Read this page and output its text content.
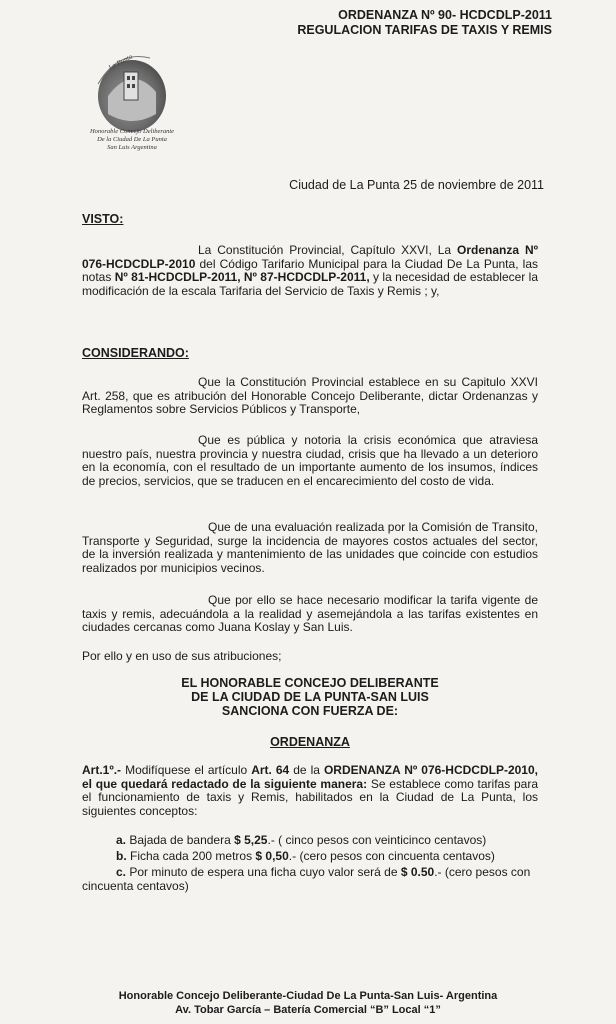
ORDENANZA Nº 90- HCDCDLP-2011
REGULACION TARIFAS DE TAXIS Y REMIS
La Punta
Honorable Concejo Deliberante
De la Ciudad De La Punta
San Luis Argentina
Ciudad de La Punta 25 de noviembre de 2011
VISTO:
La Constitución Provincial, Capítulo XXVI, La Ordenanza Nº 076-HCDCDLP-2010 del Código Tarifario Municipal para la Ciudad De La Punta, las notas Nº 81-HCDCDLP-2011, Nº 87-HCDCDLP-2011, y la necesidad de establecer la modificación de la escala Tarifaria del Servicio de Taxis y Remis ; y,
CONSIDERANDO:
Que la Constitución Provincial establece en su Capitulo XXVI Art. 258, que es atribución del Honorable Concejo Deliberante, dictar Ordenanzas y Reglamentos sobre Servicios Públicos y Transporte,
Que es pública y notoria la crisis económica que atraviesa nuestro país, nuestra provincia y nuestra ciudad, crisis que ha llevado a un deterioro en la economía, con el resultado de un importante aumento de los insumos, índices de precios, servicios, que se traducen en el encarecimiento del costo de vida.
Que de una evaluación realizada por la Comisión de Transito, Transporte y Seguridad, surge la incidencia de mayores costos actuales del sector, de la inversión realizada y mantenimiento de las unidades que coincide con estudios realizados por municipios vecinos.
Que por ello se hace necesario modificar la tarifa vigente de taxis y remis, adecuándola a la realidad y asemejándola a las tarifas existentes en ciudades cercanas como Juana Koslay y San Luis.
Por ello y en uso de sus atribuciones;
EL HONORABLE CONCEJO DELIBERANTE
DE LA CIUDAD DE LA PUNTA-SAN LUIS
SANCIONA CON FUERZA DE:
ORDENANZA
Art.1º.- Modifíquese el artículo Art. 64 de la ORDENANZA Nº 076-HCDCDLP-2010, el que quedará redactado de la siguiente manera: Se establece como tarifas para el funcionamiento de taxis y Remis, habilitados en la Ciudad de La Punta, los siguientes conceptos:
a. Bajada de bandera $ 5,25.- ( cinco pesos con veinticinco centavos)
b. Ficha cada 200 metros $ 0,50.- (cero pesos con cincuenta centavos)
c. Por minuto de espera una ficha cuyo valor será de $ 0.50.- (cero pesos con cincuenta centavos)
Honorable Concejo Deliberante-Ciudad De La Punta-San Luis- Argentina
Av. Tobar García – Batería Comercial “B” Local “1”
